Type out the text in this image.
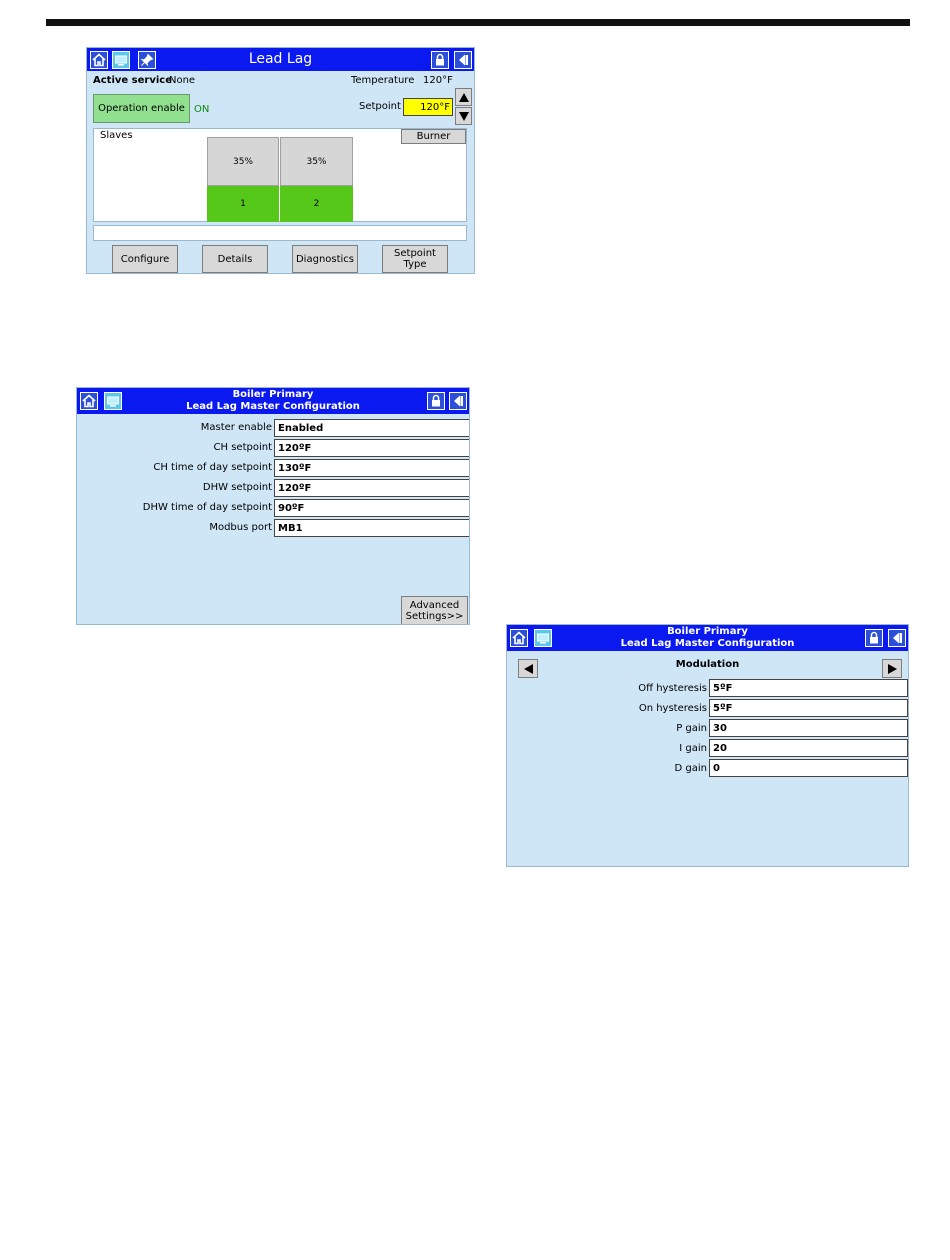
Lead Lag
Active service
None	Temperature 120°F
Operation enable ON	Setpoint	120°F
Slaves	Burner
35%
1
35%
2
Configure	Details	Diagnostics	Setpoint
Type
Boiler Primary
Lead Lag Master Configuration
Master enable Enabled
CH setpoint 120ºF
CH time of day setpoint 130ºF
DHW setpoint 120ºF
DHW time of day setpoint 90ºF
Modbus port MB1
Advanced
Settings>>
Boiler Primary
Lead Lag Master Configuration
Modulation
Off hysteresis 5ºF
On hysteresis 5ºF
P gain 30
I gain 20
D gain 0
